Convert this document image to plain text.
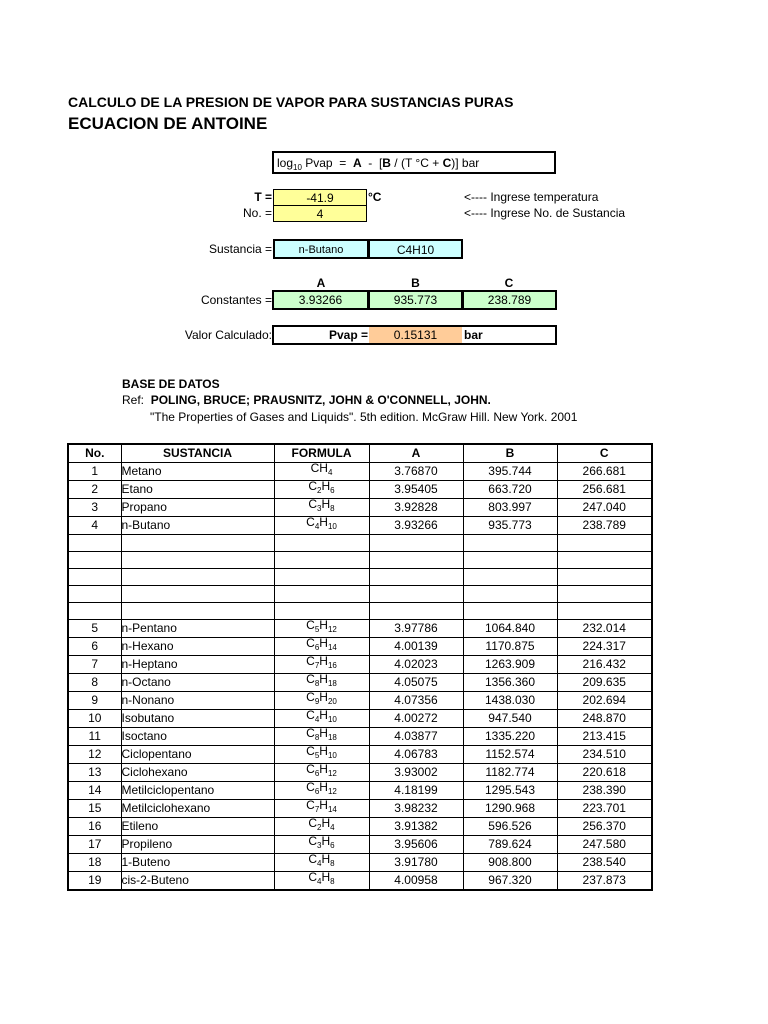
CALCULO DE LA PRESION DE VAPOR PARA SUSTANCIAS PURAS
ECUACION DE ANTOINE
$\log_{10}$ Pvap  =  A  -  [B / (T °C + C)] bar
T =	-41.9	°C	<---- Ingrese temperatura
No. =	4	<---- Ingrese No. de Sustancia
Sustancia =	n-Butano	C4H10
A	B	C
Constantes =	3.93266	935.773	238.789
Valor Calculado:	Pvap =	0.15131	bar
BASE DE DATOS
Ref: POLING, BRUCE; PRAUSNITZ, JOHN & O'CONNELL, JOHN.
"The Properties of Gases and Liquids". 5th edition. McGraw Hill. New York. 2001
No.	SUSTANCIA	FORMULA	A	B	C
1	Metano	$CH_4$	3.76870	395.744	266.681
2	Etano	$C_2H_6$	3.95405	663.720	256.681
3	Propano	$C_3H_8$	3.92828	803.997	247.040
4	n-Butano	$C_4H_{10}$	3.93266	935.773	238.789

5	n-Pentano	$C_5H_{12}$	3.97786	1064.840	232.014
6	n-Hexano	$C_6H_{14}$	4.00139	1170.875	224.317
7	n-Heptano	$C_7H_{16}$	4.02023	1263.909	216.432
8	n-Octano	$C_8H_{18}$	4.05075	1356.360	209.635
9	n-Nonano	$C_9H_{20}$	4.07356	1438.030	202.694
10	Isobutano	$C_4H_{10}$	4.00272	947.540	248.870
11	Isoctano	$C_8H_{18}$	4.03877	1335.220	213.415
12	Ciclopentano	$C_5H_{10}$	4.06783	1152.574	234.510
13	Ciclohexano	$C_6H_{12}$	3.93002	1182.774	220.618
14	Metilciclopentano	$C_6H_{12}$	4.18199	1295.543	238.390
15	Metilciclohexano	$C_7H_{14}$	3.98232	1290.968	223.701
16	Etileno	$C_2H_4$	3.91382	596.526	256.370
17	Propileno	$C_3H_6$	3.95606	789.624	247.580
18	1-Buteno	$C_4H_8$	3.91780	908.800	238.540
19	cis-2-Buteno	$C_4H_8$	4.00958	967.320	237.873
